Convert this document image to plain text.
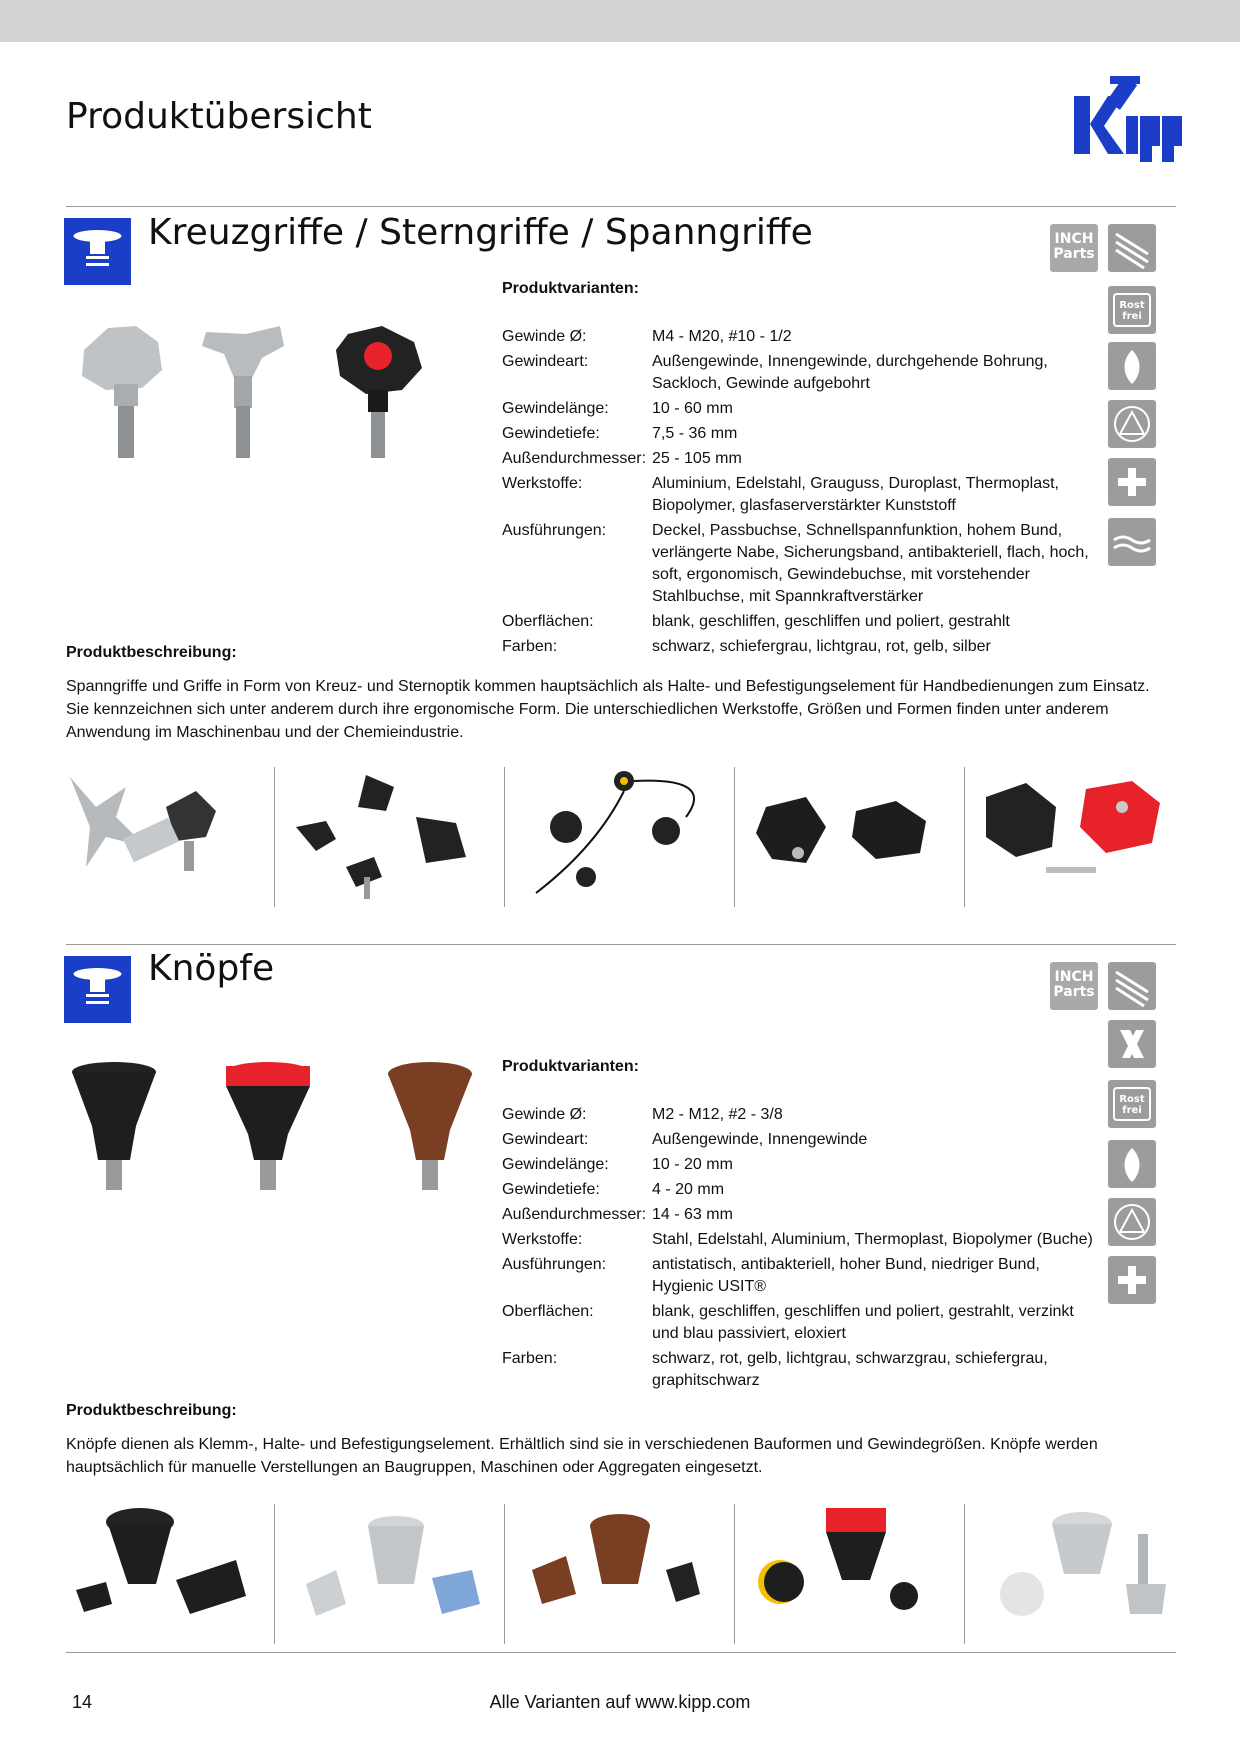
Produktübersicht
Kreuzgriffe / Sterngriffe / Spanngriffe	INCH
Parts
Rost
frei
Produktvarianten:
Gewinde Ø:	M4 - M20, #10 - 1/2
Gewindeart:	Außengewinde, Innengewinde, durchgehende Bohrung, Sackloch, Gewinde aufgebohrt
Gewindelänge:	10 - 60 mm
Gewindetiefe:	7,5 - 36 mm
Außendurchmesser: 25 - 105 mm
Werkstoffe:	Aluminium, Edelstahl, Grauguss, Duroplast, Thermoplast, Biopolymer, glasfaserverstärkter Kunststoff
Ausführungen:	Deckel, Passbuchse, Schnellspannfunktion, hohem Bund, verlängerte Nabe, Sicherungsband, antibakteriell, flach, hoch, soft, ergonomisch, Gewindebuchse, mit vorstehender Stahlbuchse, mit Spannkraftverstärker
Oberflächen:	blank, geschliffen, geschliffen und poliert, gestrahlt
Farben:	schwarz, schiefergrau, lichtgrau, rot, gelb, silber
Produktbeschreibung:

Spanngriffe und Griffe in Form von Kreuz- und Sternoptik kommen hauptsächlich als Halte- und Befestigungselement für Handbedienungen zum Einsatz. Sie kennzeichnen sich unter anderem durch ihre ergonomische Form. Die unterschiedlichen Werkstoffe, Größen und Formen finden unter anderem Anwendung im Maschinenbau und der Chemieindustrie.

Knöpfe	INCH
Parts
Rost
frei
Produktvarianten:
Gewinde Ø:	M2 - M12, #2 - 3/8
Gewindeart:	Außengewinde, Innengewinde
Gewindelänge:	10 - 20 mm
Gewindetiefe:	4 - 20 mm
Außendurchmesser: 14 - 63 mm
Werkstoffe:	Stahl, Edelstahl, Aluminium, Thermoplast, Biopolymer (Buche)
Ausführungen:	antistatisch, antibakteriell, hoher Bund, niedriger Bund, Hygienic USIT®
Oberflächen:	blank, geschliffen, geschliffen und poliert, gestrahlt, verzinkt und blau passiviert, eloxiert
Farben:	schwarz, rot, gelb, lichtgrau, schwarzgrau, schiefergrau, graphitschwarz
Produktbeschreibung:

Knöpfe dienen als Klemm-, Halte- und Befestigungselement. Erhältlich sind sie in verschiedenen Bauformen und Gewindegrößen. Knöpfe werden hauptsächlich für manuelle Verstellungen an Baugruppen, Maschinen oder Aggregaten eingesetzt.

14	Alle Varianten auf www.kipp.com
